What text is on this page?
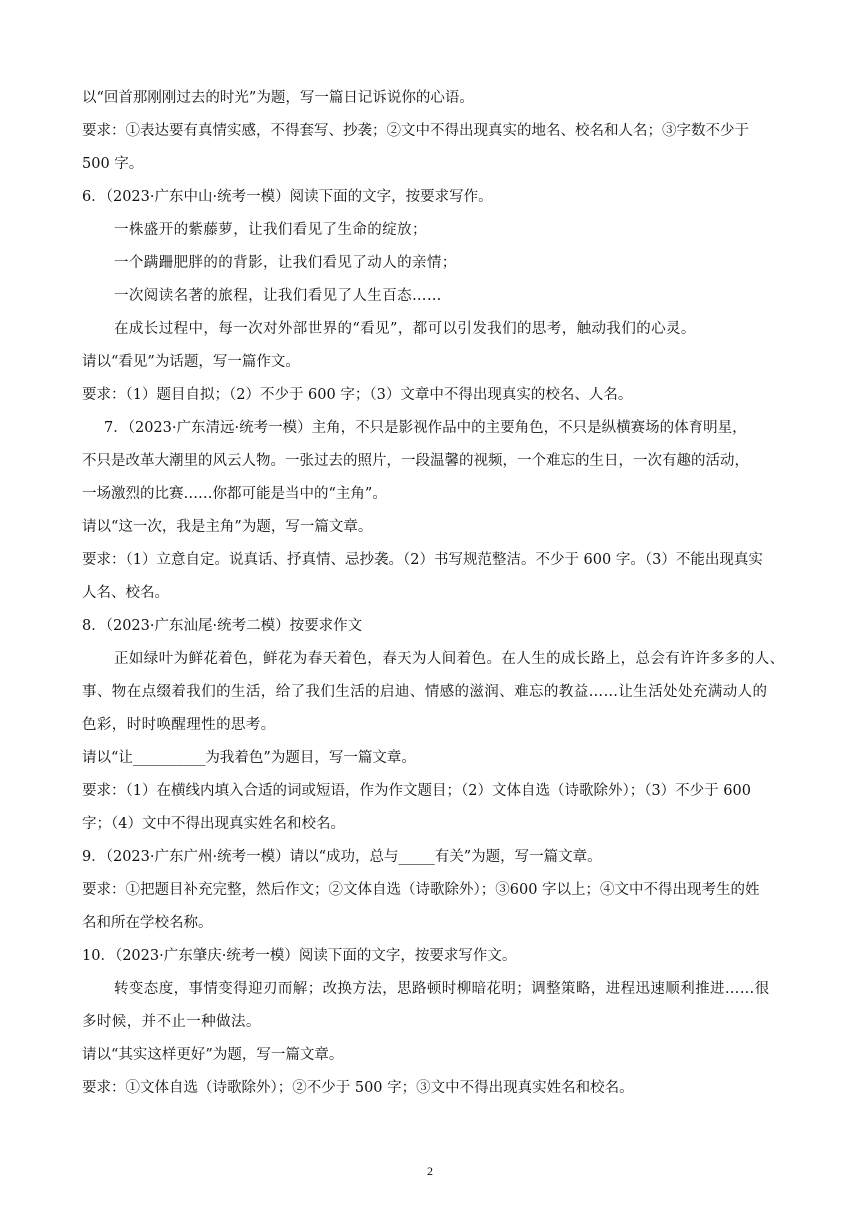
以“回首那刚刚过去的时光”为题，写一篇日记诉说你的心语。
要求：①表达要有真情实感，不得套写、抄袭；②文中不得出现真实的地名、校名和人名；③字数不少于
500 字。
6．（2023·广东中山·统考一模）阅读下面的文字，按要求写作。
一株盛开的紫藤萝，让我们看见了生命的绽放；
一个蹒跚肥胖的的背影，让我们看见了动人的亲情；
一次阅读名著的旅程，让我们看见了人生百态……
在成长过程中，每一次对外部世界的“看见”，都可以引发我们的思考，触动我们的心灵。
请以“看见”为话题，写一篇作文。
要求：（1）题目自拟；（2）不少于 600 字；（3）文章中不得出现真实的校名、人名。
7．（2023·广东清远·统考一模）主角，不只是影视作品中的主要角色，不只是纵横赛场的体育明星，
不只是改革大潮里的风云人物。一张过去的照片，一段温馨的视频，一个难忘的生日，一次有趣的活动，
一场激烈的比赛……你都可能是当中的“主角”。
请以“这一次，我是主角”为题，写一篇文章。
要求：（1）立意自定。说真话、抒真情、忌抄袭。（2）书写规范整洁。不少于 600 字。（3）不能出现真实
人名、校名。
8．（2023·广东汕尾·统考二模）按要求作文
正如绿叶为鲜花着色，鲜花为春天着色，春天为人间着色。在人生的成长路上，总会有许许多多的人、
事、物在点缀着我们的生活，给了我们生活的启迪、情感的滋润、难忘的教益……让生活处处充满动人的
色彩，时时唤醒理性的思考。
请以“让__________为我着色”为题目，写一篇文章。
要求：（1）在横线内填入合适的词或短语，作为作文题目；（2）文体自选（诗歌除外）；（3）不少于 600
字；（4）文中不得出现真实姓名和校名。
9．（2023·广东广州·统考一模）请以“成功，总与_____有关”为题，写一篇文章。
要求：①把题目补充完整，然后作文；②文体自选（诗歌除外）；③600 字以上；④文中不得出现考生的姓
名和所在学校名称。
10．（2023·广东肇庆·统考一模）阅读下面的文字，按要求写作文。
转变态度，事情变得迎刃而解；改换方法，思路顿时柳暗花明；调整策略，进程迅速顺利推进……很
多时候，并不止一种做法。
请以“其实这样更好”为题，写一篇文章。
要求：①文体自选（诗歌除外）；②不少于 500 字；③文中不得出现真实姓名和校名。
2
